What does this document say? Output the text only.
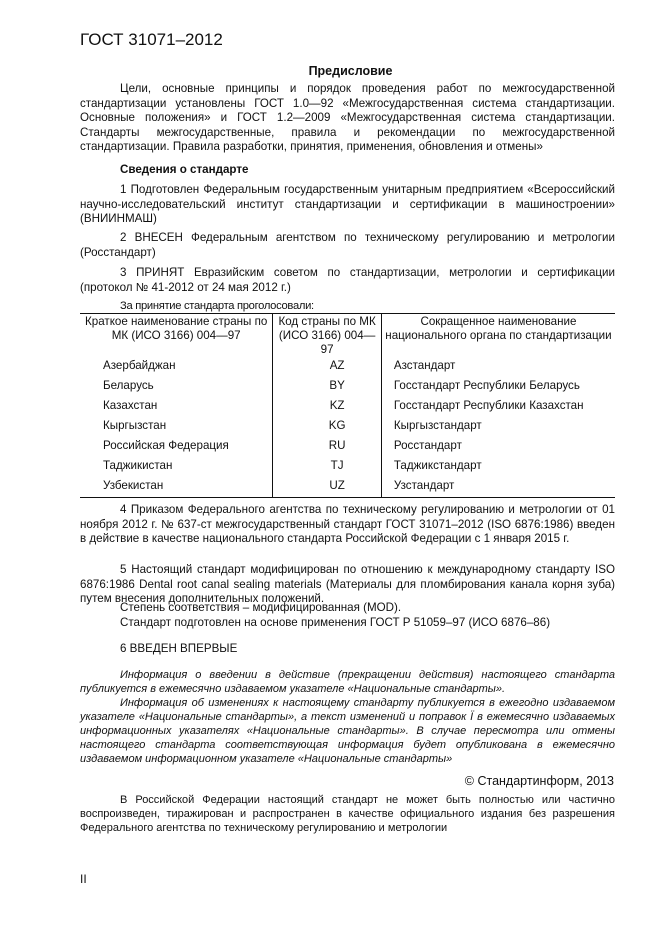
ГОСТ 31071–2012
Предисловие
Цели, основные принципы и порядок проведения работ по межгосударственной стандартизации установлены ГОСТ 1.0—92 «Межгосударственная система стандартизации. Основные положения» и ГОСТ 1.2—2009 «Межгосударственная система стандартизации. Стандарты межгосударственные, правила и рекомендации по межгосударственной стандартизации. Правила разработки, принятия, применения, обновления и отмены»
Сведения о стандарте
1 Подготовлен Федеральным государственным унитарным предприятием «Всероссийский научно-исследовательский институт стандартизации и сертификации в машиностроении» (ВНИИНМАШ)
2 ВНЕСЕН Федеральным агентством по техническому регулированию и метрологии (Росстандарт)
3 ПРИНЯТ Евразийским советом по стандартизации, метрологии и сертификации (протокол № 41-2012 от 24 мая 2012 г.)
За принятие стандарта проголосовали:
Краткое наименование страны по МК (ИСО 3166) 004—97	Код страны по МК (ИСО 3166) 004—97	Сокращенное наименование национального органа по стандартизации
Азербайджан	AZ	Азстандарт
Беларусь	BY	Госстандарт Республики Беларусь
Казахстан	KZ	Госстандарт Республики Казахстан
Кыргызстан	KG	Кыргызстандарт
Российская Федерация	RU	Росстандарт
Таджикистан	TJ	Таджикстандарт
Узбекистан	UZ	Узстандарт
4 Приказом Федерального агентства по техническому регулированию и метрологии от 01 ноября 2012 г. № 637-ст межгосударственный стандарт ГОСТ 31071–2012 (ISO 6876:1986) введен в действие в качестве национального стандарта Российской Федерации с 1 января 2015 г.
5 Настоящий стандарт модифицирован по отношению к международному стандарту ISO 6876:1986 Dental root canal sealing materials (Материалы для пломбирования канала корня зуба) путем внесения дополнительных положений.
Степень соответствия – модифицированная (MOD).
Стандарт подготовлен на основе применения ГОСТ Р 51059–97 (ИСО 6876–86)
6 ВВЕДЕН ВПЕРВЫЕ
Информация о введении в действие (прекращении действия) настоящего стандарта публикуется в ежемесячно издаваемом указателе «Национальные стандарты».
Информация об изменениях к настоящему стандарту публикуется в ежегодно издаваемом указателе «Национальные стандарты», а текст изменений и поправок Ї в ежемесячно издаваемых информационных указателях «Национальные стандарты». В случае пересмотра или отмены настоящего стандарта соответствующая информация будет опубликована в ежемесячно издаваемом информационном указателе «Национальные стандарты»
© Стандартинформ, 2013
В Российской Федерации настоящий стандарт не может быть полностью или частично воспроизведен, тиражирован и распространен в качестве официального издания без разрешения Федерального агентства по техническому регулированию и метрологии
II
